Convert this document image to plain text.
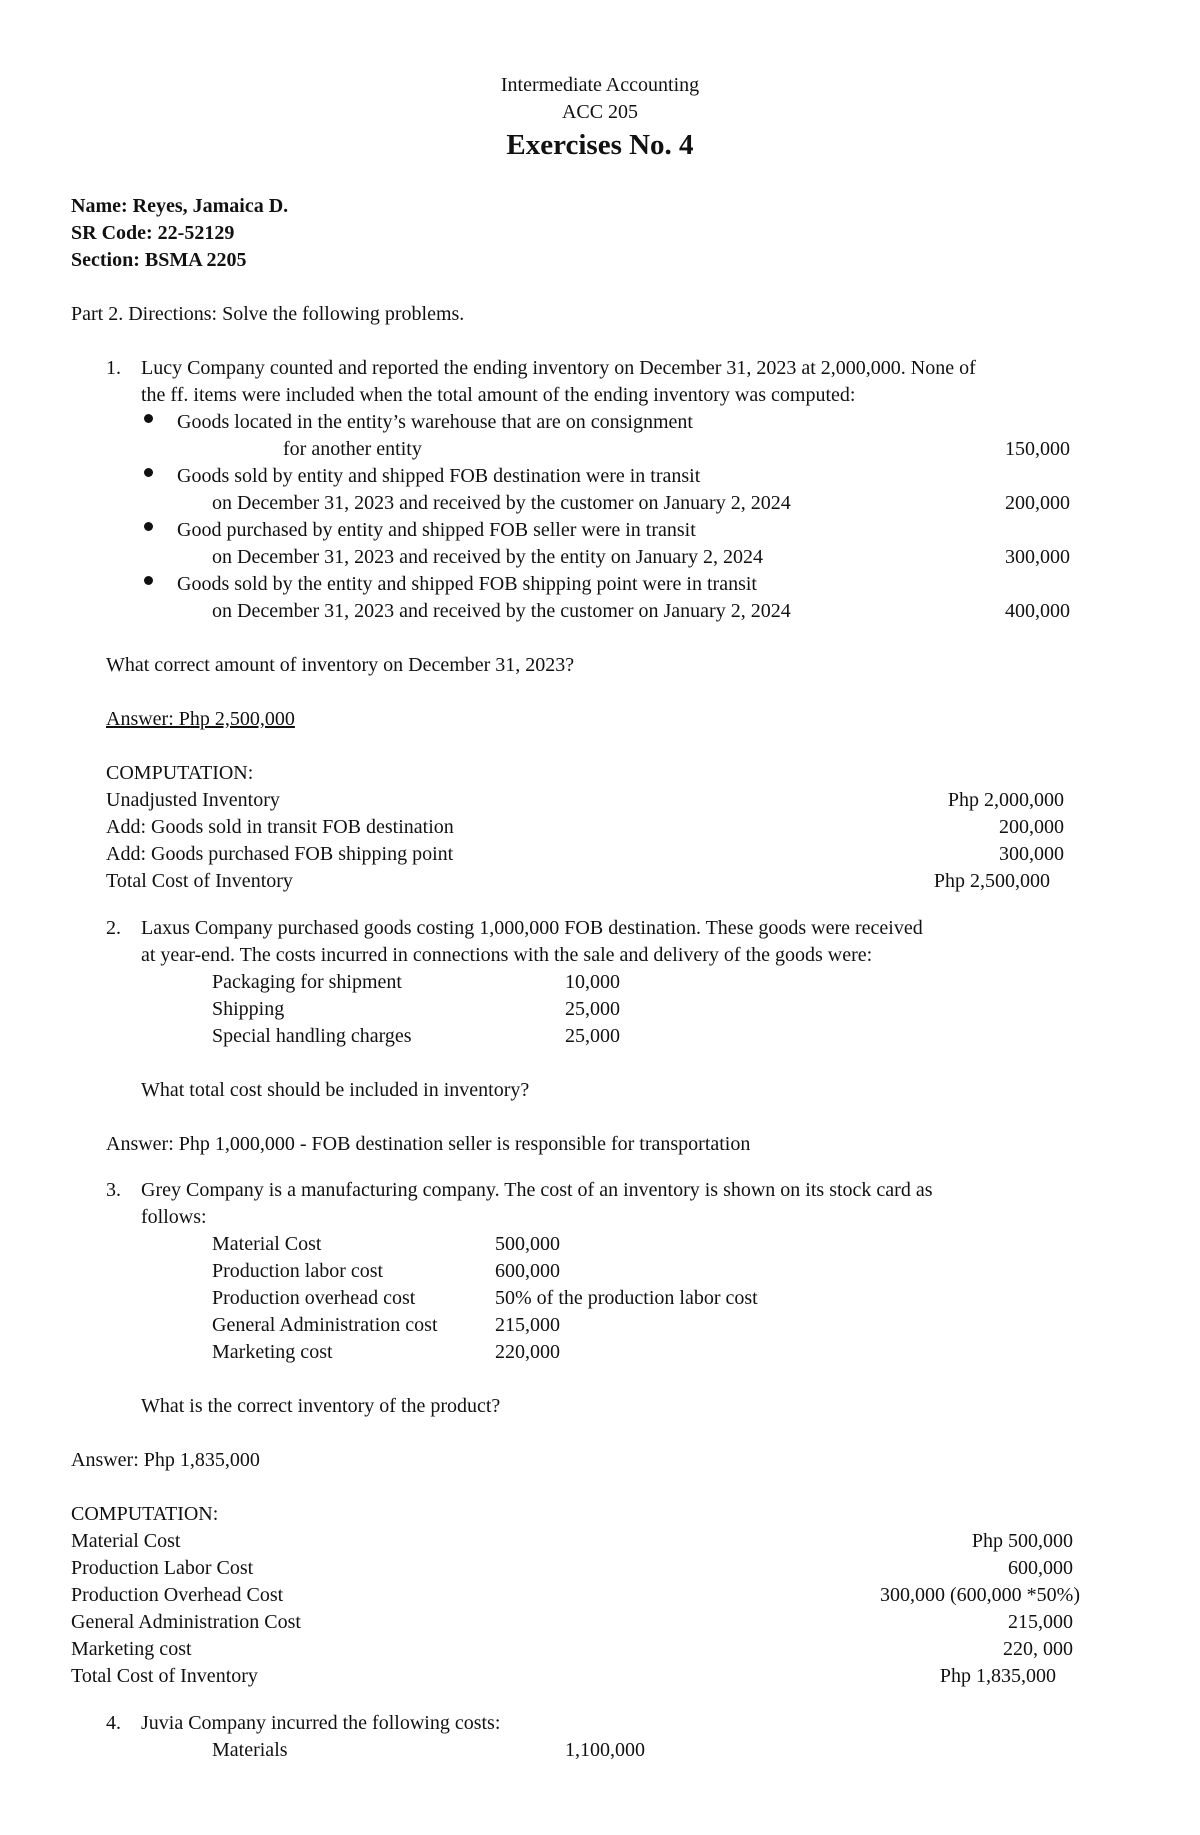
Intermediate Accounting
ACC 205
Exercises No. 4
Name: Reyes, Jamaica D.
SR Code: 22-52129
Section: BSMA 2205
Part 2. Directions: Solve the following problems.
1. Lucy Company counted and reported the ending inventory on December 31, 2023 at 2,000,000. None of
the ff. items were included when the total amount of the ending inventory was computed:
Goods located in the entity’s warehouse that are on consignment
for another entity	150,000
Goods sold by entity and shipped FOB destination were in transit
on December 31, 2023 and received by the customer on January 2, 2024	200,000
Good purchased by entity and shipped FOB seller were in transit
on December 31, 2023 and received by the entity on January 2, 2024	300,000
Goods sold by the entity and shipped FOB shipping point were in transit
on December 31, 2023 and received by the customer on January 2, 2024	400,000
What correct amount of inventory on December 31, 2023?
Answer: Php 2,500,000
COMPUTATION:
Unadjusted Inventory	Php 2,000,000
Add: Goods sold in transit FOB destination	200,000
Add: Goods purchased FOB shipping point	300,000
Total Cost of Inventory	Php 2,500,000
2. Laxus Company purchased goods costing 1,000,000 FOB destination. These goods were received
at year-end. The costs incurred in connections with the sale and delivery of the goods were:
Packaging for shipment	10,000
Shipping	25,000
Special handling charges	25,000
What total cost should be included in inventory?
Answer: Php 1,000,000 - FOB destination seller is responsible for transportation
3. Grey Company is a manufacturing company. The cost of an inventory is shown on its stock card as
follows:
Material Cost	500,000
Production labor cost	600,000
Production overhead cost	50% of the production labor cost
General Administration cost	215,000
Marketing cost	220,000
What is the correct inventory of the product?
Answer: Php 1,835,000
COMPUTATION:
Material Cost	Php 500,000
Production Labor Cost	600,000
Production Overhead Cost	300,000 (600,000 *50%)
General Administration Cost	215,000
Marketing cost	220, 000
Total Cost of Inventory	Php 1,835,000
4. Juvia Company incurred the following costs:
Materials	1,100,000
